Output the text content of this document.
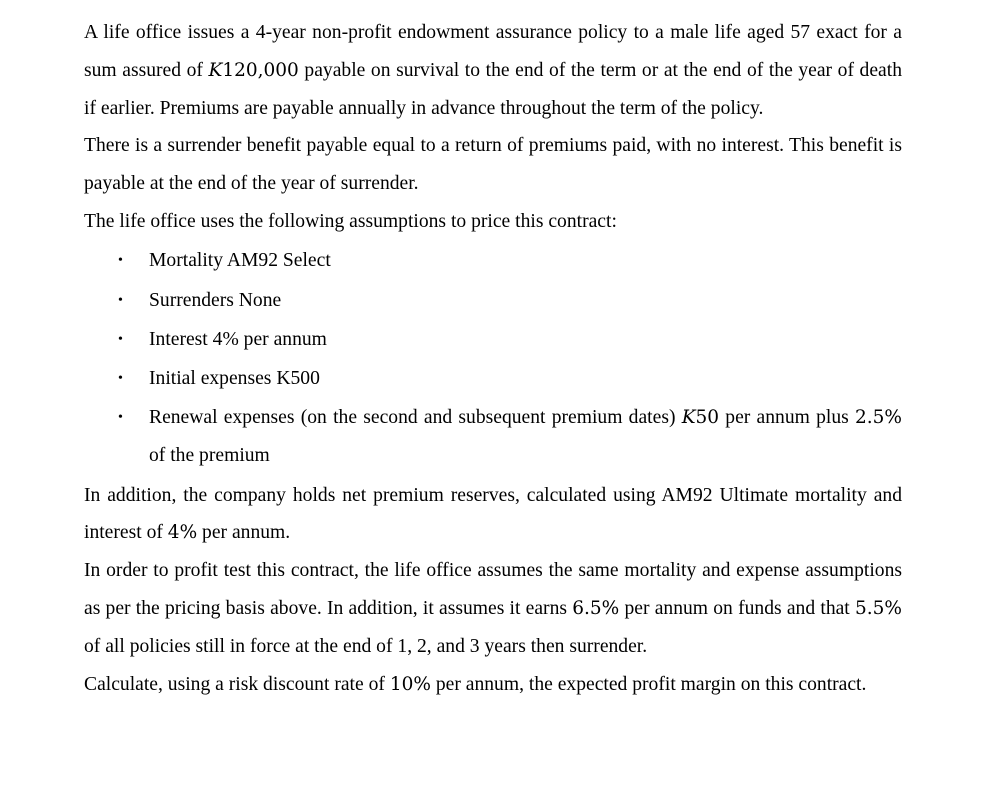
A life office issues a 4-year non-profit endowment assurance policy to a male life aged 57 exact for a sum assured of K120,000 payable on survival to the end of the term or at the end of the year of death if earlier. Premiums are payable annually in advance throughout the term of the policy.

There is a surrender benefit payable equal to a return of premiums paid, with no interest. This benefit is payable at the end of the year of surrender.

The life office uses the following assumptions to price this contract:

• Mortality AM92 Select
• Surrenders None
• Interest 4% per annum
• Initial expenses K500
• Renewal expenses (on the second and subsequent premium dates) K50 per annum plus 2.5% of the premium

In addition, the company holds net premium reserves, calculated using AM92 Ultimate mortality and interest of 4% per annum.

In order to profit test this contract, the life office assumes the same mortality and expense assumptions as per the pricing basis above. In addition, it assumes it earns 6.5% per annum on funds and that 5.5% of all policies still in force at the end of 1, 2, and 3 years then surrender.

Calculate, using a risk discount rate of 10% per annum, the expected profit margin on this contract.
